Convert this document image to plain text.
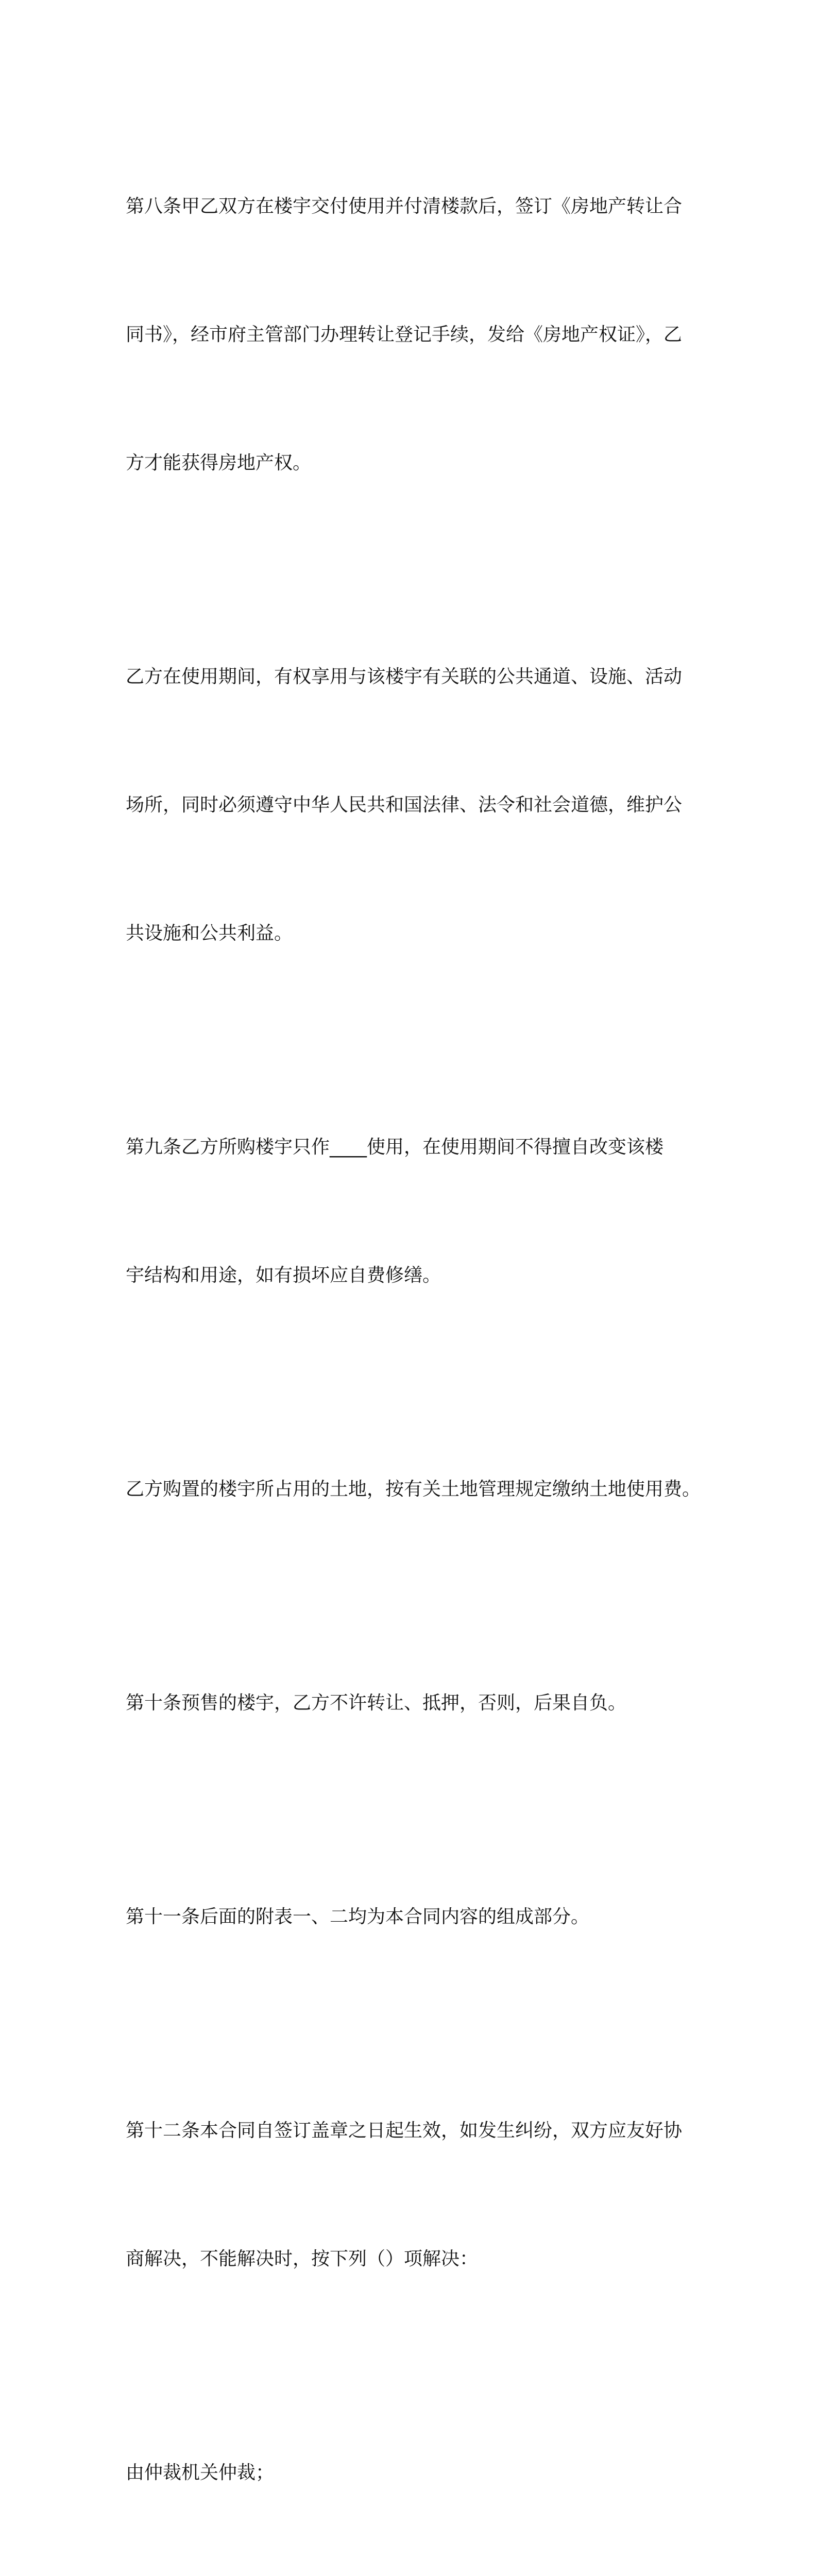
第八条甲乙双方在楼宇交付使用并付清楼款后，签订《房地产转让合

同书》，经市府主管部门办理转让登记手续，发给《房地产权证》，乙

方才能获得房地产权。

乙方在使用期间，有权享用与该楼宇有关联的公共通道、设施、活动

场所，同时必须遵守中华人民共和国法律、法令和社会道德，维护公

共设施和公共利益。

第九条乙方所购楼宇只作____使用，在使用期间不得擅自改变该楼

宇结构和用途，如有损坏应自费修缮。

乙方购置的楼宇所占用的土地，按有关土地管理规定缴纳土地使用费。

第十条预售的楼宇，乙方不许转让、抵押，否则，后果自负。

第十一条后面的附表一、二均为本合同内容的组成部分。

第十二条本合同自签订盖章之日起生效，如发生纠纷，双方应友好协

商解决，不能解决时，按下列（）项解决：

由仲裁机关仲裁；
